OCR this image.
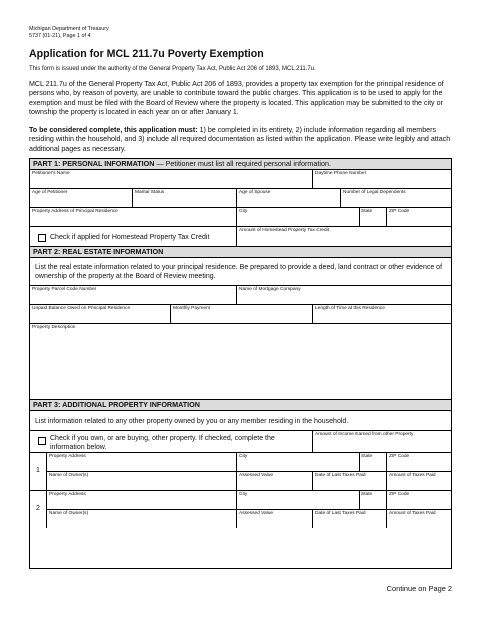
Michigan Department of Treasury
5737 (01-21), Page 1 of 4
Application for MCL 211.7u Poverty Exemption
This form is issued under the authority of the General Property Tax Act, Public Act 206 of 1893, MCL 211.7u.
MCL 211.7u of the General Property Tax Act, Public Act 206 of 1893, provides a property tax exemption for the principal residence of persons who, by reason of poverty, are unable to contribute toward the public charges. This application is to be used to apply for the exemption and must be filed with the Board of Review where the property is located. This application may be submitted to the city or township the property is located in each year on or after January 1.
To be considered complete, this application must: 1) be completed in its entirety, 2) include information regarding all members residing within the household, and 3) include all required documentation as listed within the application. Please write legibly and attach additional pages as necessary.
PART 1: PERSONAL INFORMATION — Petitioner must list all required personal information.
Petitioner's Name	Daytime Phone Number
Age of Petitioner	Marital Status	Age of Spouse	Number of Legal Dependents
Property Address of Principal Residence	City	State	ZIP Code
Check if applied for Homestead Property Tax Credit
Amount of Homestead Property Tax Credit
PART 2: REAL ESTATE INFORMATION
List the real estate information related to your principal residence. Be prepared to provide a deed, land contract or other evidence of ownership of the property at the Board of Review meeting.
Property Parcel Code Number	Name of Mortgage Company
Unpaid Balance Owed on Principal Residence	Monthly Payment	Length of Time at this Residence
Property Description
PART 3: ADDITIONAL PROPERTY INFORMATION
List information related to any other property owned by you or any member residing in the household.
Check if you own, or are buying, other property. If checked, complete the information below.
Amount of Income Earned from other Property
1
Property Address	City	State	ZIP Code
Name of Owner(s)	Assessed Value	Date of Last Taxes Paid	Amount of Taxes Paid
2
Property Address	City	State	ZIP Code
Name of Owner(s)	Assessed Value	Date of Last Taxes Paid	Amount of Taxes Paid
Continue on Page 2
